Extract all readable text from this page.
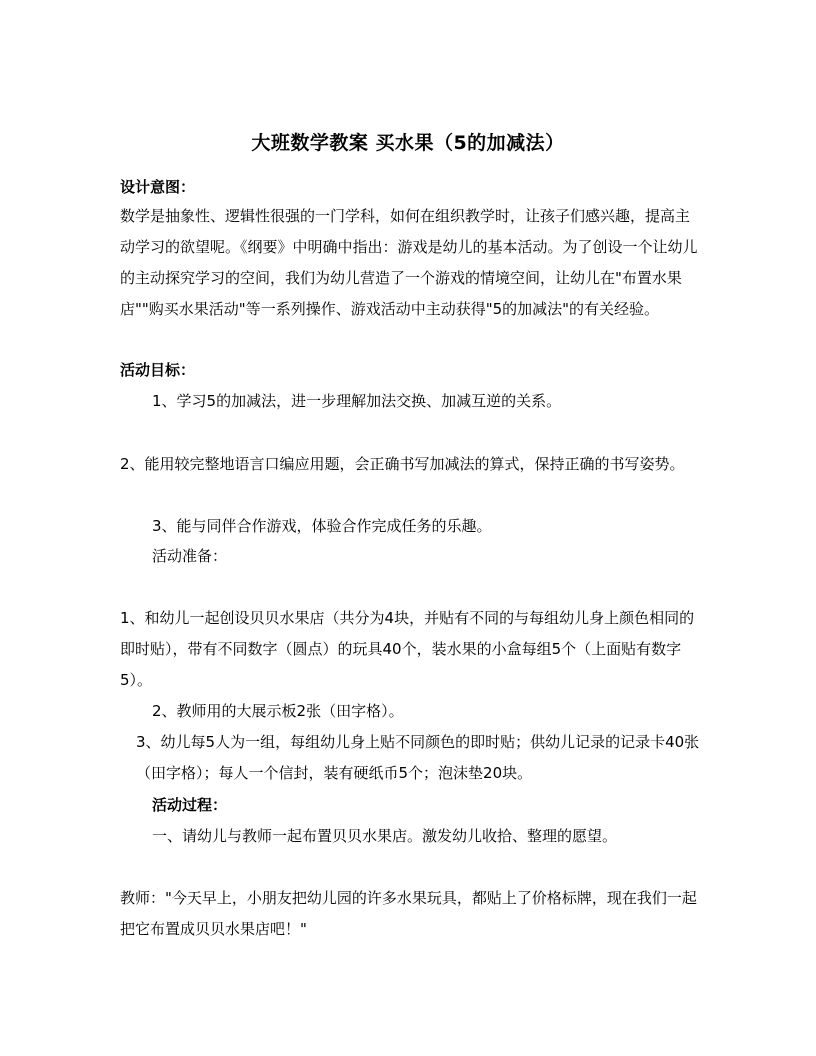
大班数学教案 买水果（5的加减法）

设计意图：

数学是抽象性、逻辑性很强的一门学科，如何在组织教学时，让孩子们感兴趣，提高主动学习的欲望呢。《纲要》中明确中指出：游戏是幼儿的基本活动。为了创设一个让幼儿的主动探究学习的空间，我们为幼儿营造了一个游戏的情境空间，让幼儿在"布置水果店""购买水果活动"等一系列操作、游戏活动中主动获得"5的加减法"的有关经验。

活动目标：

1、学习5的加减法，进一步理解加法交换、加减互逆的关系。

2、能用较完整地语言口编应用题，会正确书写加减法的算式，保持正确的书写姿势。

3、能与同伴合作游戏，体验合作完成任务的乐趣。

活动准备：

1、和幼儿一起创设贝贝水果店（共分为4块，并贴有不同的与每组幼儿身上颜色相同的即时贴），带有不同数字（圆点）的玩具40个，装水果的小盒每组5个（上面贴有数字5）。

2、教师用的大展示板2张（田字格）。

3、幼儿每5人为一组，每组幼儿身上贴不同颜色的即时贴；供幼儿记录的记录卡40张（田字格）；每人一个信封，装有硬纸币5个；泡沫垫20块。

活动过程：

一、请幼儿与教师一起布置贝贝水果店。激发幼儿收拾、整理的愿望。

教师："今天早上，小朋友把幼儿园的许多水果玩具，都贴上了价格标牌，现在我们一起把它布置成贝贝水果店吧！"
